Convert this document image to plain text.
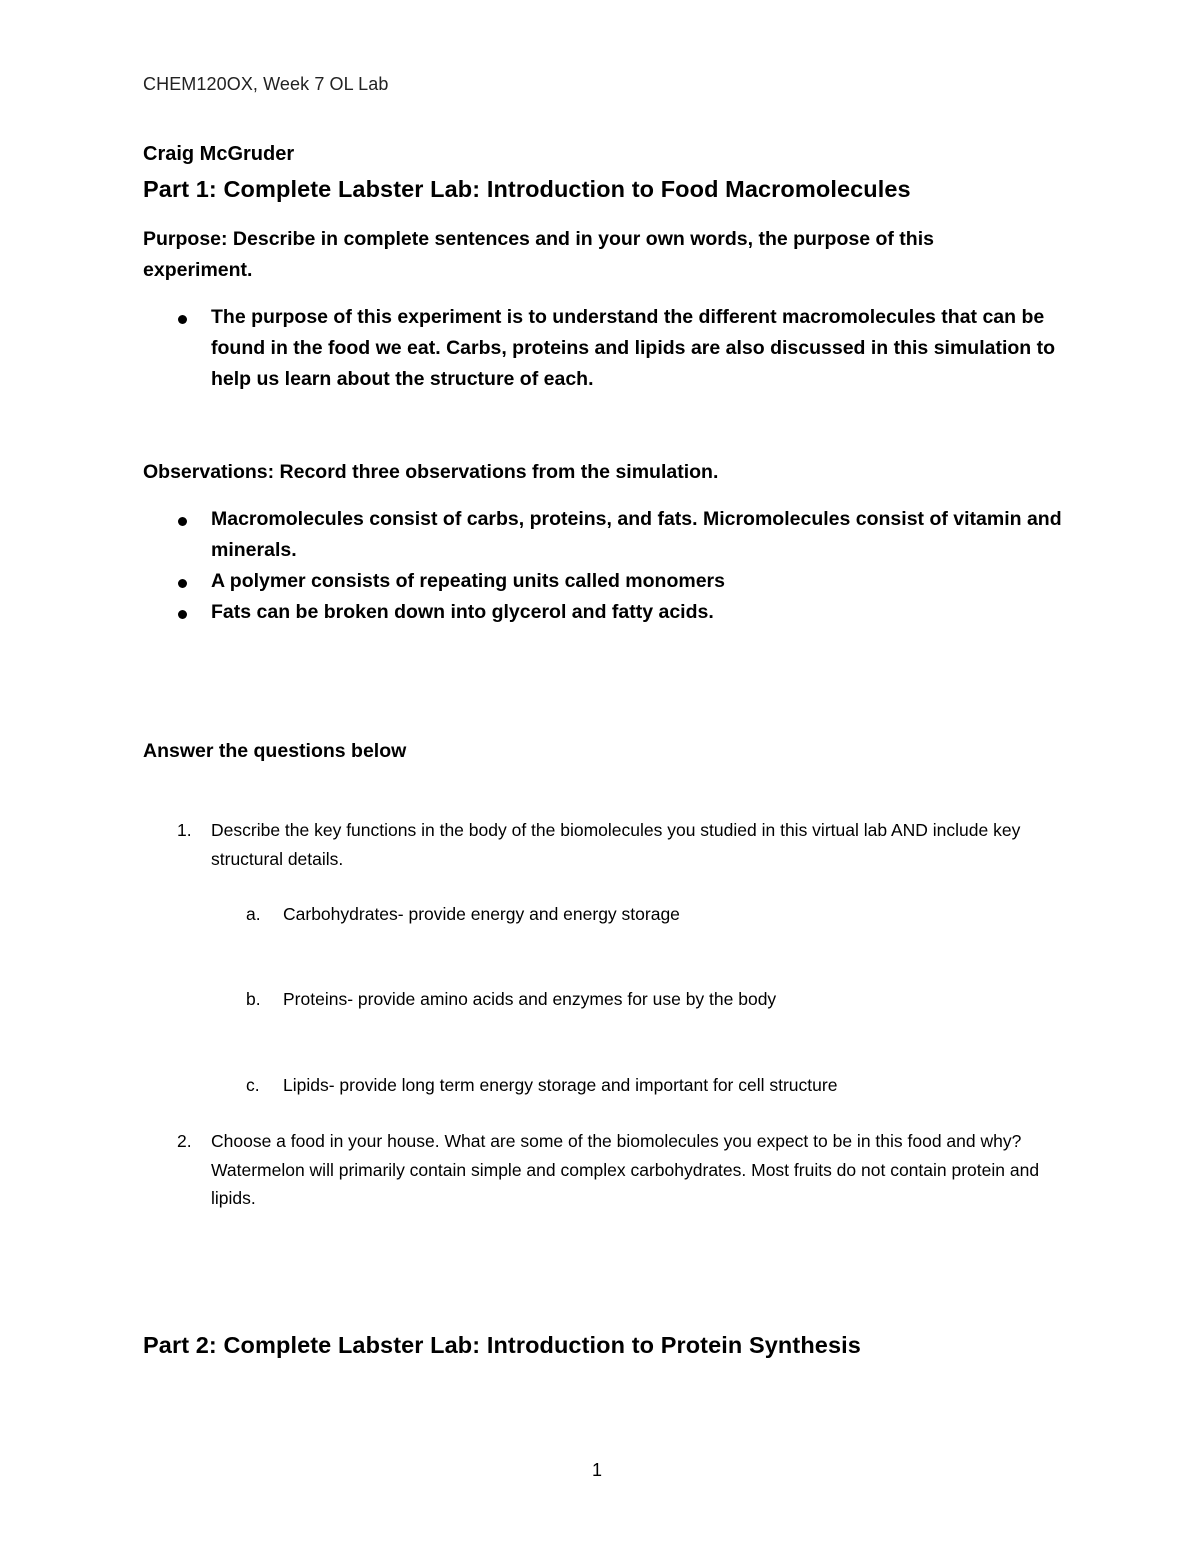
CHEM120OX, Week 7 OL Lab
Craig McGruder
Part 1: Complete Labster Lab: Introduction to Food Macromolecules
Purpose: Describe in complete sentences and in your own words, the purpose of this experiment.
The purpose of this experiment is to understand the different macromolecules that can be found in the food we eat. Carbs, proteins and lipids are also discussed in this simulation to help us learn about the structure of each.
Observations: Record three observations from the simulation.
Macromolecules consist of carbs, proteins, and fats. Micromolecules consist of vitamin and minerals.
A polymer consists of repeating units called monomers
Fats can be broken down into glycerol and fatty acids.
Answer the questions below
1. Describe the key functions in the body of the biomolecules you studied in this virtual lab AND include key structural details.
a. Carbohydrates- provide energy and energy storage
b. Proteins- provide amino acids and enzymes for use by the body
c. Lipids- provide long term energy storage and important for cell structure
2. Choose a food in your house. What are some of the biomolecules you expect to be in this food and why?
Watermelon will primarily contain simple and complex carbohydrates. Most fruits do not contain protein and lipids.
Part 2: Complete Labster Lab: Introduction to Protein Synthesis
1
